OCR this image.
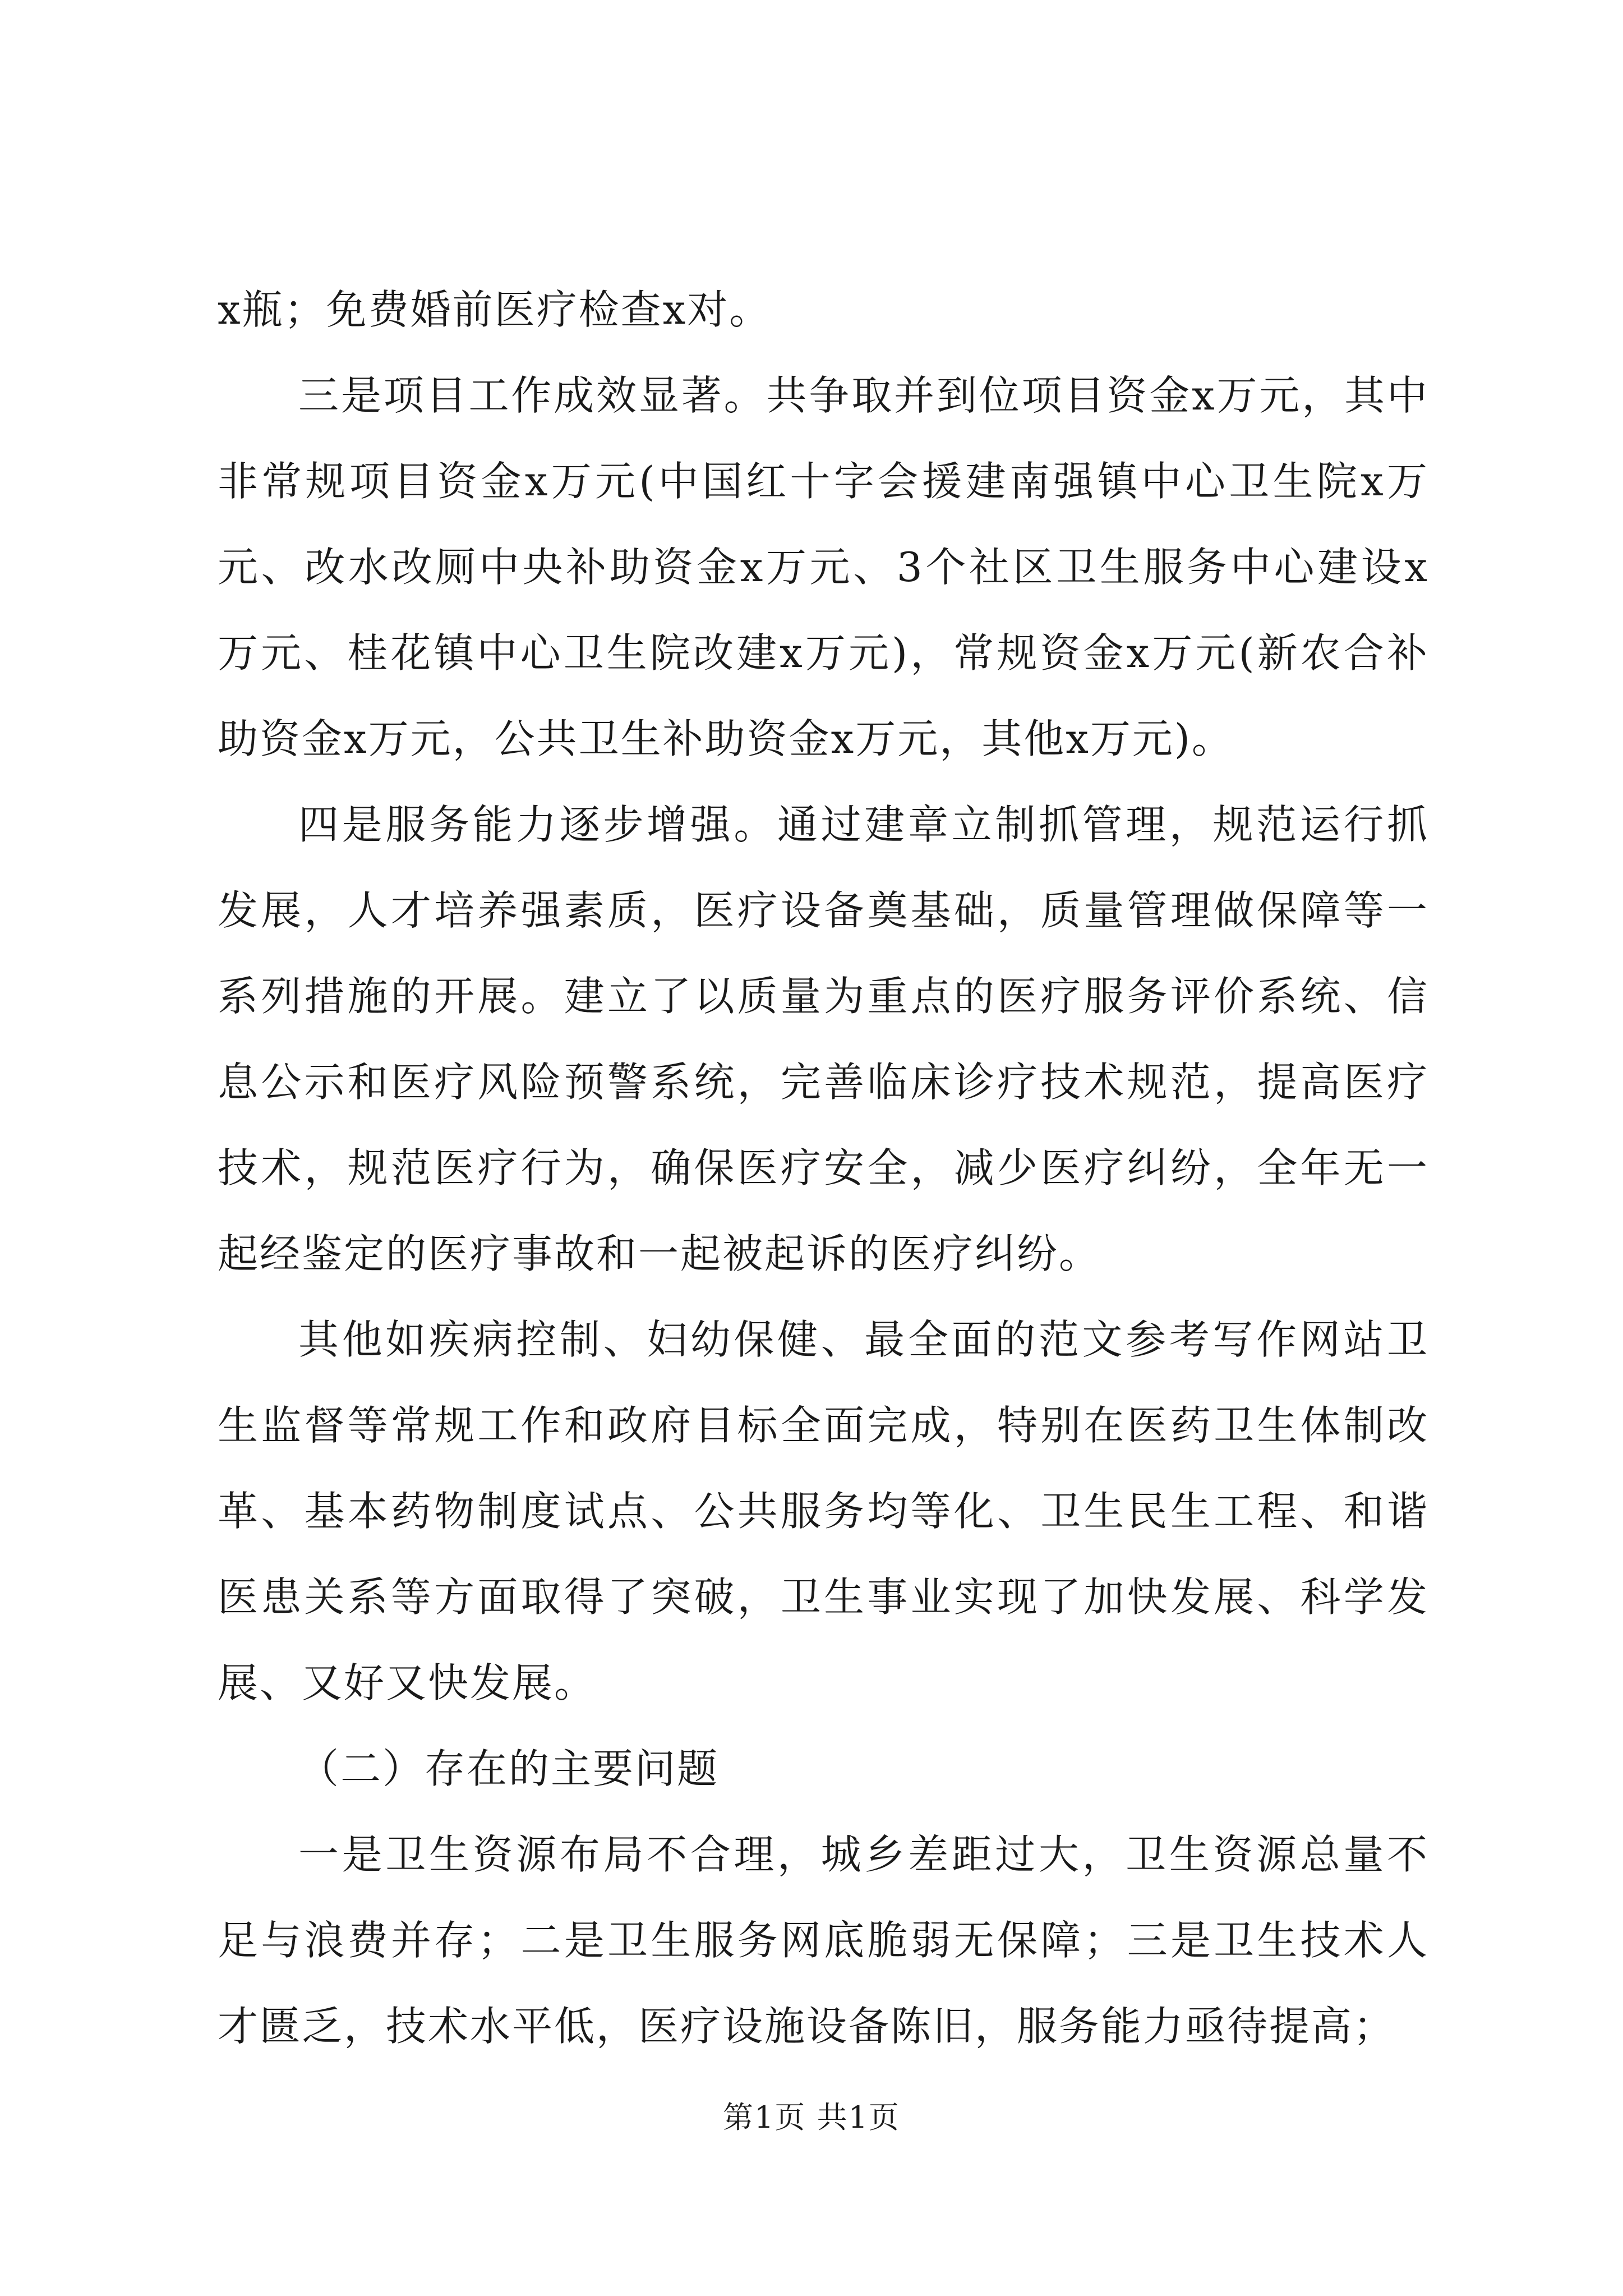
x瓶；免费婚前医疗检查x对。

三是项目工作成效显著。共争取并到位项目资金x万元，其中非常规项目资金x万元(中国红十字会援建南强镇中心卫生院x万元、改水改厕中央补助资金x万元、3个社区卫生服务中心建设x万元、桂花镇中心卫生院改建x万元)，常规资金x万元(新农合补助资金x万元，公共卫生补助资金x万元，其他x万元)。

四是服务能力逐步增强。通过建章立制抓管理，规范运行抓发展，人才培养强素质，医疗设备奠基础，质量管理做保障等一系列措施的开展。建立了以质量为重点的医疗服务评价系统、信息公示和医疗风险预警系统，完善临床诊疗技术规范，提高医疗技术，规范医疗行为，确保医疗安全，减少医疗纠纷，全年无一起经鉴定的医疗事故和一起被起诉的医疗纠纷。

其他如疾病控制、妇幼保健、最全面的范文参考写作网站卫生监督等常规工作和政府目标全面完成，特别在医药卫生体制改革、基本药物制度试点、公共服务均等化、卫生民生工程、和谐医患关系等方面取得了突破，卫生事业实现了加快发展、科学发展、又好又快发展。

（二）存在的主要问题

一是卫生资源布局不合理，城乡差距过大，卫生资源总量不足与浪费并存；二是卫生服务网底脆弱无保障；三是卫生技术人才匮乏，技术水平低，医疗设施设备陈旧，服务能力亟待提高；

第1页 共1页
